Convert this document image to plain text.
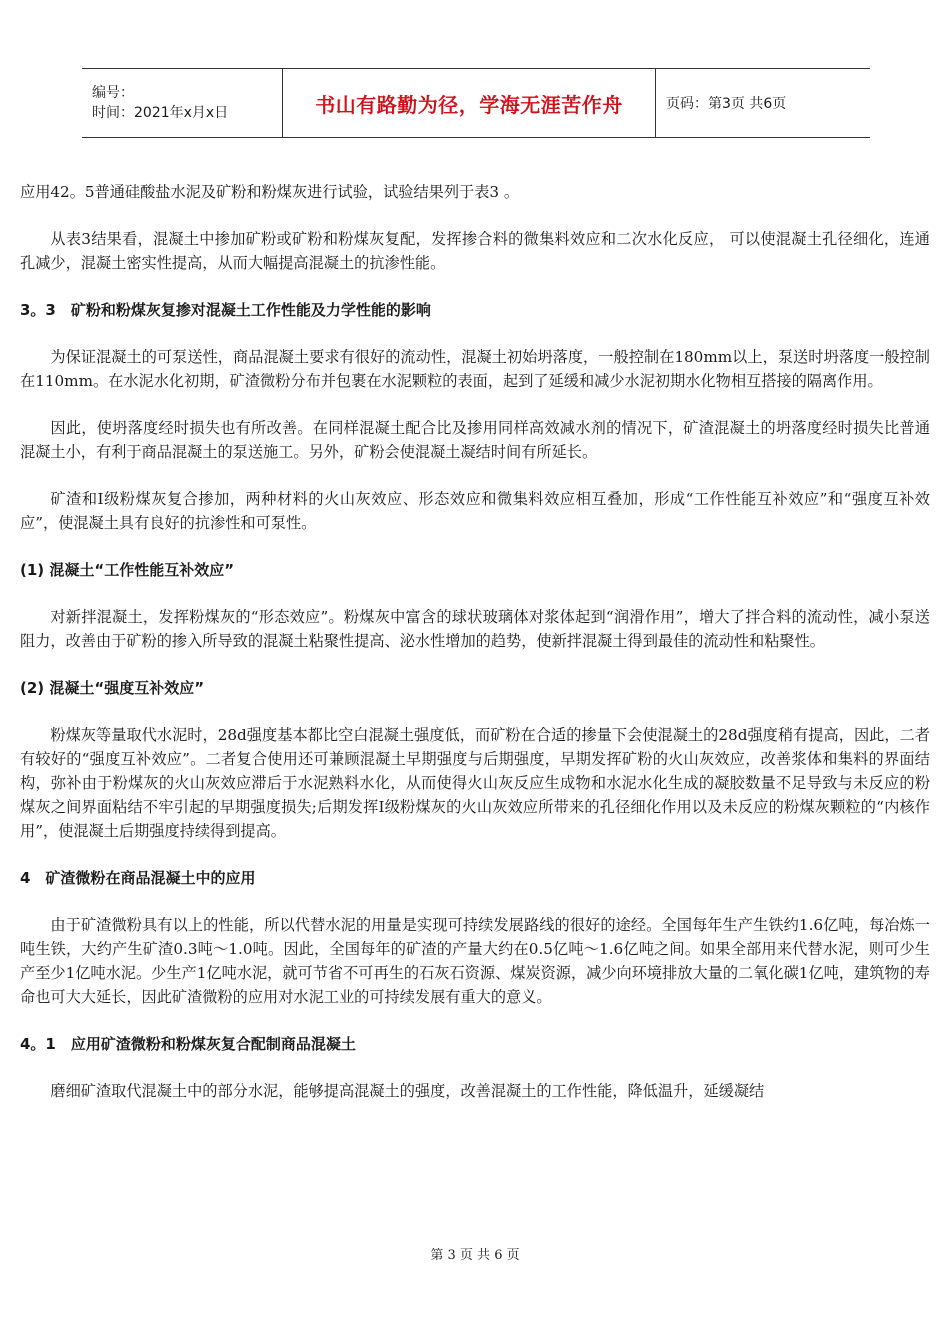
编号：
时间：2021年x月x日	书山有路勤为径，学海无涯苦作舟	页码：第3页 共6页

应用42。5普通硅酸盐水泥及矿粉和粉煤灰进行试验，试验结果列于表3 。

从表3结果看，混凝土中掺加矿粉或矿粉和粉煤灰复配，发挥掺合料的微集料效应和二次水化反应， 可以使混凝土孔径细化，连通孔减少，混凝土密实性提高，从而大幅提高混凝土的抗渗性能。

3。3　矿粉和粉煤灰复掺对混凝土工作性能及力学性能的影响

为保证混凝土的可泵送性，商品混凝土要求有很好的流动性，混凝土初始坍落度，一般控制在180mm以上，泵送时坍落度一般控制在110mm。在水泥水化初期，矿渣微粉分布并包裹在水泥颗粒的表面，起到了延缓和减少水泥初期水化物相互搭接的隔离作用。

因此，使坍落度经时损失也有所改善。在同样混凝土配合比及掺用同样高效减水剂的情况下，矿渣混凝土的坍落度经时损失比普通混凝土小，有利于商品混凝土的泵送施工。另外，矿粉会使混凝土凝结时间有所延长。

矿渣和Ⅰ级粉煤灰复合掺加，两种材料的火山灰效应、形态效应和微集料效应相互叠加，形成“工作性能互补效应”和“强度互补效应”，使混凝土具有良好的抗渗性和可泵性。

(1) 混凝土“工作性能互补效应”

对新拌混凝土，发挥粉煤灰的“形态效应”。粉煤灰中富含的球状玻璃体对浆体起到“润滑作用”，增大了拌合料的流动性，减小泵送阻力，改善由于矿粉的掺入所导致的混凝土粘聚性提高、泌水性增加的趋势，使新拌混凝土得到最佳的流动性和粘聚性。

(2) 混凝土“强度互补效应”

粉煤灰等量取代水泥时，28d强度基本都比空白混凝土强度低，而矿粉在合适的掺量下会使混凝土的28d强度稍有提高，因此，二者有较好的“强度互补效应”。二者复合使用还可兼顾混凝土早期强度与后期强度，早期发挥矿粉的火山灰效应，改善浆体和集料的界面结构，弥补由于粉煤灰的火山灰效应滞后于水泥熟料水化，从而使得火山灰反应生成物和水泥水化生成的凝胶数量不足导致与未反应的粉煤灰之间界面粘结不牢引起的早期强度损失;后期发挥Ⅰ级粉煤灰的火山灰效应所带来的孔径细化作用以及未反应的粉煤灰颗粒的“内核作用”，使混凝土后期强度持续得到提高。

4　矿渣微粉在商品混凝土中的应用

由于矿渣微粉具有以上的性能，所以代替水泥的用量是实现可持续发展路线的很好的途经。全国每年生产生铁约1.6亿吨，每冶炼一吨生铁，大约产生矿渣0.3吨～1.0吨。因此，全国每年的矿渣的产量大约在0.5亿吨～1.6亿吨之间。如果全部用来代替水泥，则可少生产至少1亿吨水泥。少生产1亿吨水泥，就可节省不可再生的石灰石资源、煤炭资源，减少向环境排放大量的二氧化碳1亿吨，建筑物的寿命也可大大延长，因此矿渣微粉的应用对水泥工业的可持续发展有重大的意义。

4。1　应用矿渣微粉和粉煤灰复合配制商品混凝土

磨细矿渣取代混凝土中的部分水泥，能够提高混凝土的强度，改善混凝土的工作性能，降低温升，延缓凝结

第 3 页 共 6 页
